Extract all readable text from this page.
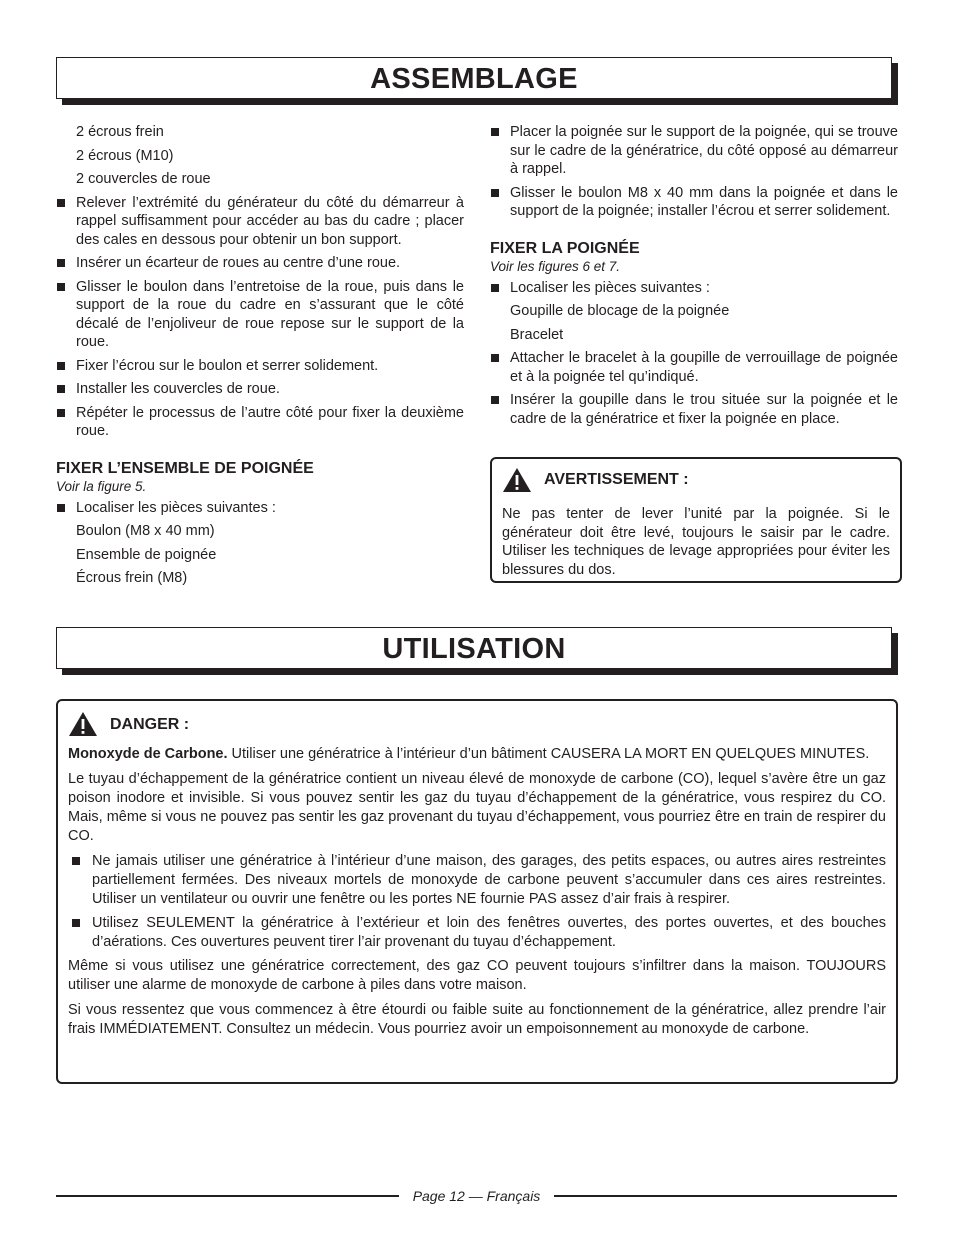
ASSEMBLAGE

2 écrous frein

2 écrous (M10)

2 couvercles de roue

Relever l’extrémité du générateur du côté du démarreur à rappel suffisamment pour accéder au bas du cadre ; placer des cales en dessous pour obtenir un bon support.

Insérer un écarteur de roues au centre d’une roue.

Glisser le boulon dans l’entretoise de la roue, puis dans le support de la roue du cadre en s’assurant que le côté décalé de l’enjoliveur de roue repose sur le support de la roue.

Fixer l’écrou sur le boulon et serrer solidement.

Installer les couvercles de roue.

Répéter le processus de l’autre côté pour fixer la deuxième roue.

FIXER L’ENSEMBLE DE POIGNÉE

Voir la figure 5.

Localiser les pièces suivantes :

Boulon (M8 x 40 mm)

Ensemble de poignée

Écrous frein (M8)

Placer la poignée sur le support de la poignée, qui se trouve sur le cadre de la génératrice, du côté opposé au démarreur à rappel.

Glisser le boulon M8 x 40 mm dans la poignée et dans le support de la poignée; installer l’écrou et serrer solidement.

FIXER LA POIGNÉE

Voir les figures 6 et 7.

Localiser les pièces suivantes :

Goupille de blocage de la poignée

Bracelet

Attacher le bracelet à la goupille de verrouillage de poignée et à la poignée tel qu’indiqué.

Insérer la goupille dans le trou située sur la poignée et le cadre de la génératrice et fixer la poignée en place.

AVERTISSEMENT :

Ne pas tenter de lever l’unité par la poignée. Si le générateur doit être levé, toujours le saisir par le cadre. Utiliser les techniques de levage appropriées pour éviter les blessures du dos.

UTILISATION
DANGER :

Monoxyde de Carbone. Utiliser une génératrice à l’intérieur d’un bâtiment CAUSERA LA MORT EN QUELQUES MINUTES.

Le tuyau d’échappement de la génératrice contient un niveau élevé de monoxyde de carbone (CO), lequel s’avère être un gaz poison inodore et invisible. Si vous pouvez sentir les gaz du tuyau d’échappement de la génératrice, vous respirez du CO. Mais, même si vous ne pouvez pas sentir les gaz provenant du tuyau d’échappement, vous pourriez être en train de respirer du CO.

Ne jamais utiliser une génératrice à l’intérieur d’une maison, des garages, des petits espaces, ou autres aires restreintes partiellement fermées. Des niveaux mortels de monoxyde de carbone peuvent s’accumuler dans ces aires restreintes. Utiliser un ventilateur ou ouvrir une fenêtre ou les portes NE fournie PAS assez d’air frais à respirer.

Utilisez SEULEMENT la génératrice à l’extérieur et loin des fenêtres ouvertes, des portes ouvertes, et des bouches d’aérations. Ces ouvertures peuvent tirer l’air provenant du tuyau d’échappement.

Même si vous utilisez une génératrice correctement, des gaz CO peuvent toujours s’infiltrer dans la maison. TOUJOURS utiliser une alarme de monoxyde de carbone à piles dans votre maison.

Si vous ressentez que vous commencez à être étourdi ou faible suite au fonctionnement de la génératrice, allez prendre l’air frais IMMÉDIATEMENT. Consultez un médecin. Vous pourriez avoir un empoisonnement au monoxyde de carbone.

Page 12 — Français
